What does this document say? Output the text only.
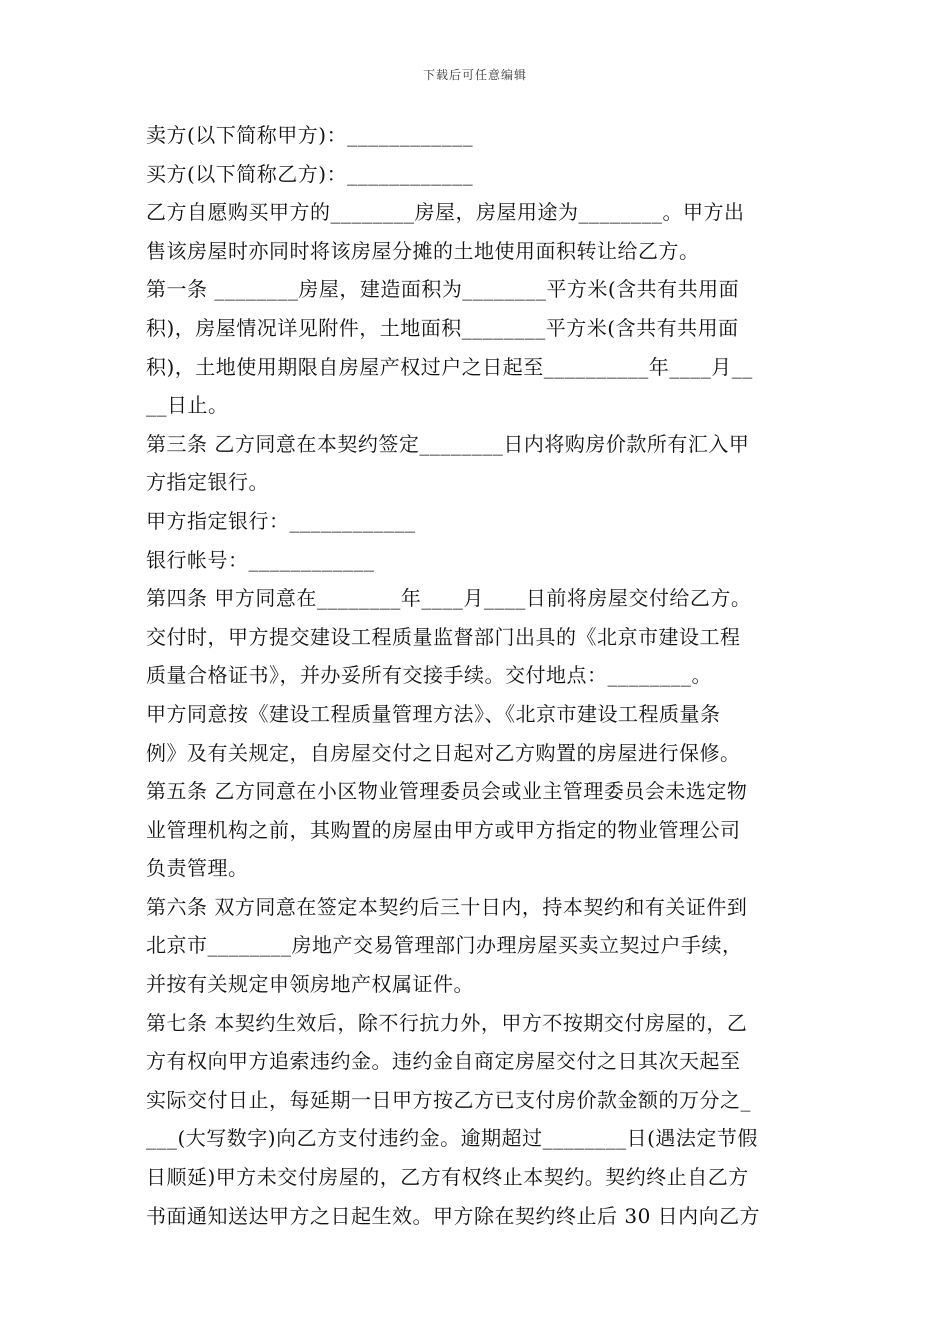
下载后可任意编辑
卖方(以下简称甲方)：____________
买方(以下简称乙方)：____________
乙方自愿购买甲方的________房屋，房屋用途为________。甲方出
售该房屋时亦同时将该房屋分摊的土地使用面积转让给乙方。
第一条 ________房屋，建造面积为________平方米(含共有共用面
积)，房屋情况详见附件，土地面积________平方米(含共有共用面
积)，土地使用期限自房屋产权过户之日起至__________年____月__
__日止。
第三条 乙方同意在本契约签定________日内将购房价款所有汇入甲
方指定银行。
甲方指定银行：____________
银行帐号：____________
第四条 甲方同意在________年____月____日前将房屋交付给乙方。
交付时，甲方提交建设工程质量监督部门出具的《北京市建设工程
质量合格证书》，并办妥所有交接手续。交付地点：________。
甲方同意按《建设工程质量管理方法》、《北京市建设工程质量条
例》及有关规定，自房屋交付之日起对乙方购置的房屋进行保修。
第五条 乙方同意在小区物业管理委员会或业主管理委员会未选定物
业管理机构之前，其购置的房屋由甲方或甲方指定的物业管理公司
负责管理。
第六条 双方同意在签定本契约后三十日内，持本契约和有关证件到
北京市________房地产交易管理部门办理房屋买卖立契过户手续，
并按有关规定申领房地产权属证件。
第七条 本契约生效后，除不行抗力外，甲方不按期交付房屋的，乙
方有权向甲方追索违约金。违约金自商定房屋交付之日其次天起至
实际交付日止，每延期一日甲方按乙方已支付房价款金额的万分之_
___(大写数字)向乙方支付违约金。逾期超过________日(遇法定节假
日顺延)甲方未交付房屋的，乙方有权终止本契约。契约终止自乙方
书面通知送达甲方之日起生效。甲方除在契约终止后 30 日内向乙方
